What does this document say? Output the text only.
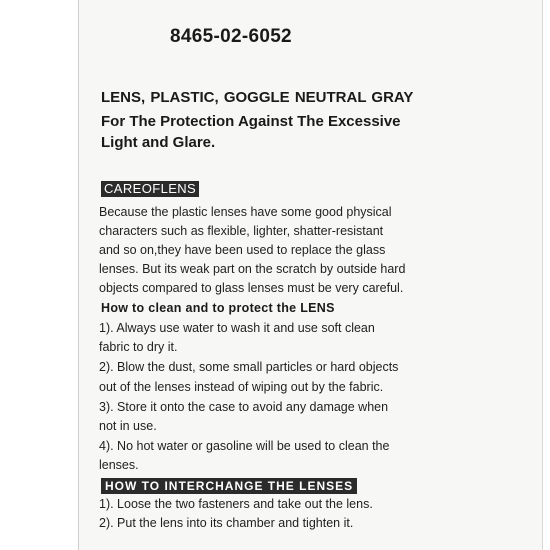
8465-02-6052
LENS, PLASTIC, GOGGLE NEUTRAL GRAY
For The Protection Against The Excessive
Light and Glare.
CAREOFLENS
Because the plastic lenses have some good physical
characters such as flexible, lighter, shatter-resistant
and so on,they have been used to replace the glass
lenses. But its weak part on the scratch by outside hard
objects compared to glass lenses must be very careful.
How to clean and to protect the LENS
1). Always use water to wash it and use soft clean
fabric to dry it.
2). Blow the dust, some small particles or hard objects
out of the lenses instead of wiping out by the fabric.
3). Store it onto the case to avoid any damage when
not in use.
4). No hot water or gasoline will be used to clean the
lenses.
HOW TO INTERCHANGE THE LENSES
1). Loose the two fasteners and take out the lens.
2). Put the lens into its chamber and tighten it.
